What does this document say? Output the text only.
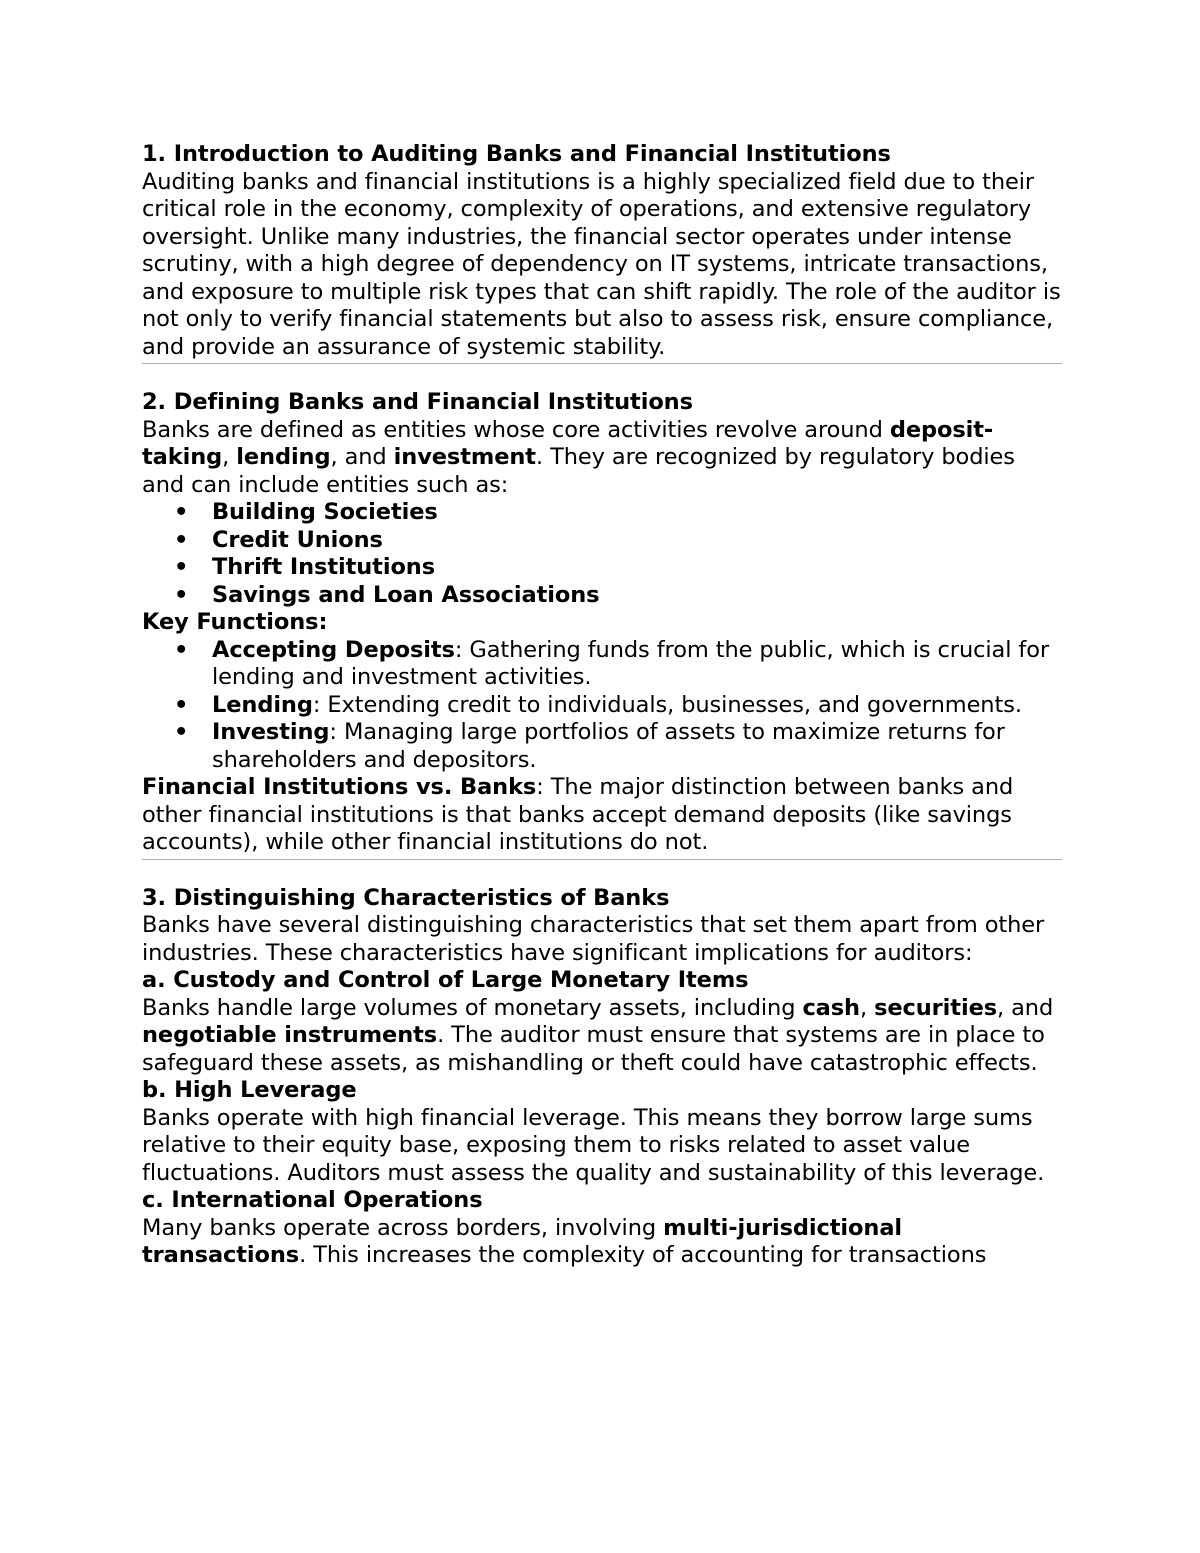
1. Introduction to Auditing Banks and Financial Institutions

Auditing banks and financial institutions is a highly specialized field due to their critical role in the economy, complexity of operations, and extensive regulatory oversight. Unlike many industries, the financial sector operates under intense scrutiny, with a high degree of dependency on IT systems, intricate transactions, and exposure to multiple risk types that can shift rapidly. The role of the auditor is not only to verify financial statements but also to assess risk, ensure compliance, and provide an assurance of systemic stability.

2. Defining Banks and Financial Institutions

Banks are defined as entities whose core activities revolve around deposit-taking, lending, and investment. They are recognized by regulatory bodies and can include entities such as:

• Building Societies
• Credit Unions
• Thrift Institutions
• Savings and Loan Associations

Key Functions:

• Accepting Deposits: Gathering funds from the public, which is crucial for lending and investment activities.
• Lending: Extending credit to individuals, businesses, and governments.
• Investing: Managing large portfolios of assets to maximize returns for shareholders and depositors.

Financial Institutions vs. Banks: The major distinction between banks and other financial institutions is that banks accept demand deposits (like savings accounts), while other financial institutions do not.

3. Distinguishing Characteristics of Banks

Banks have several distinguishing characteristics that set them apart from other industries. These characteristics have significant implications for auditors:

a. Custody and Control of Large Monetary Items

Banks handle large volumes of monetary assets, including cash, securities, and negotiable instruments. The auditor must ensure that systems are in place to safeguard these assets, as mishandling or theft could have catastrophic effects.

b. High Leverage

Banks operate with high financial leverage. This means they borrow large sums relative to their equity base, exposing them to risks related to asset value fluctuations. Auditors must assess the quality and sustainability of this leverage.

c. International Operations

Many banks operate across borders, involving multi-jurisdictional transactions. This increases the complexity of accounting for transactions
